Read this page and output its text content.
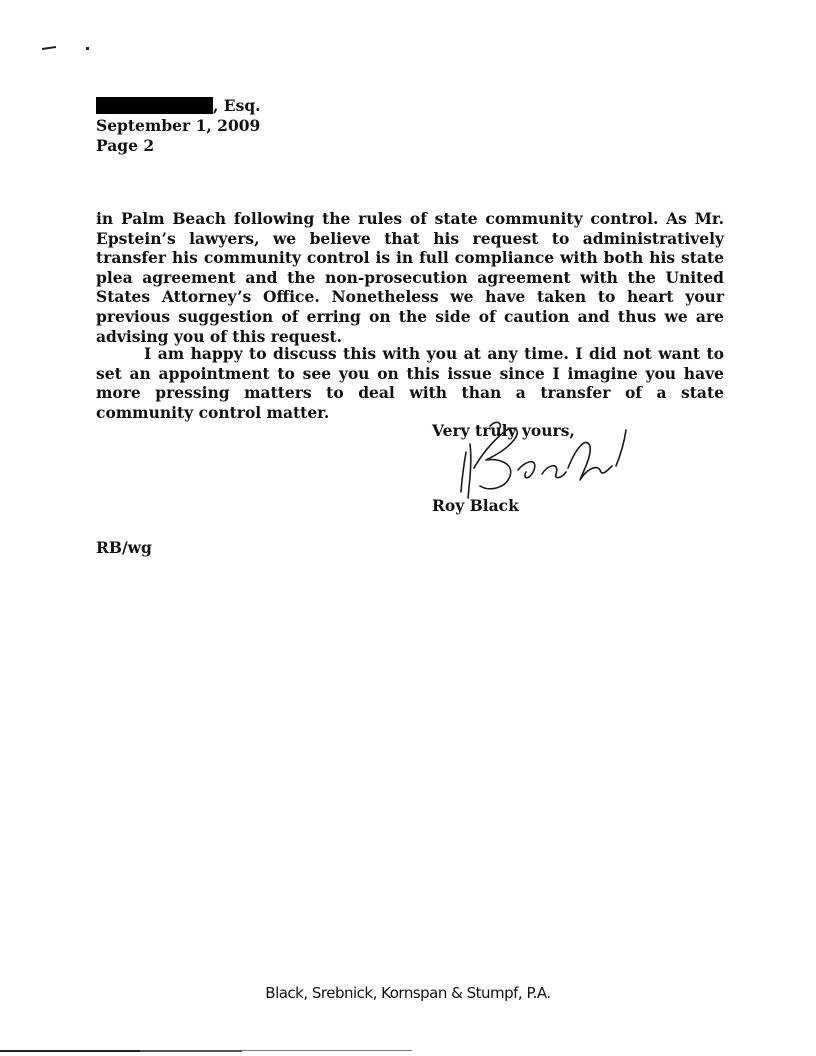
, Esq.
September 1, 2009
Page 2

in Palm Beach following the rules of state community control. As Mr. Epstein’s lawyers, we believe that his request to administratively transfer his community control is in full compliance with both his state plea agreement and the non-prosecution agreement with the United States Attorney’s Office. Nonetheless we have taken to heart your previous suggestion of erring on the side of caution and thus we are advising you of this request.

I am happy to discuss this with you at any time. I did not want to set an appointment to see you on this issue since I imagine you have more pressing matters to deal with than a transfer of a state community control matter.

Very truly yours,
Roy Black
RB/wg
Black, Srebnick, Kornspan & Stumpf, P.A.
